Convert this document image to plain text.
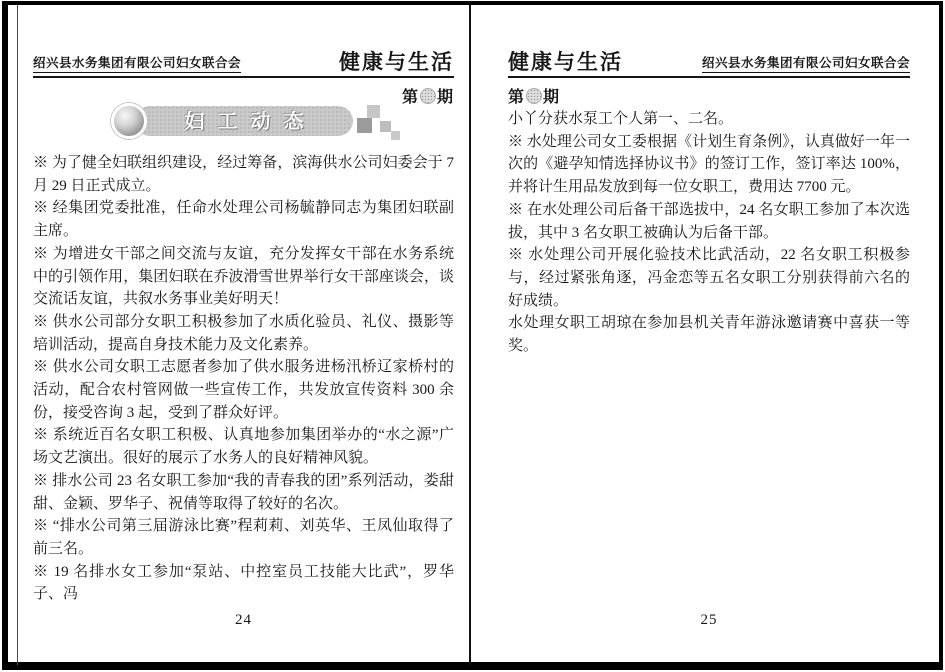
绍兴县水务集团有限公司妇女联合会	健康与生活
第 期
妇工动态

※ 为了健全妇联组织建设，经过筹备，滨海供水公司妇委会于 7 月 29 日正式成立。

※ 经集团党委批准，任命水处理公司杨毓静同志为集团妇联副主席。

※ 为增进女干部之间交流与友谊，充分发挥女干部在水务系统中的引领作用，集团妇联在乔波滑雪世界举行女干部座谈会，谈交流话友谊，共叙水务事业美好明天！

※ 供水公司部分女职工积极参加了水质化验员、礼仪、摄影等培训活动，提高自身技术能力及文化素养。

※ 供水公司女职工志愿者参加了供水服务进杨汛桥辽家桥村的活动，配合农村管网做一些宣传工作，共发放宣传资料 300 余份，接受咨询 3 起，受到了群众好评。

※ 系统近百名女职工积极、认真地参加集团举办的“水之源”广场文艺演出。很好的展示了水务人的良好精神风貌。

※ 排水公司 23 名女职工参加“我的青春我的团”系列活动，娄甜甜、金颖、罗华子、祝倩等取得了较好的名次。

※ “排水公司第三届游泳比赛”程莉莉、刘英华、王凤仙取得了前三名。

※ 19 名排水女工参加“泵站、中控室员工技能大比武”，罗华子、冯

24
健康与生活	绍兴县水务集团有限公司妇女联合会
第 期

小丫分获水泵工个人第一、二名。

※ 水处理公司女工委根据《计划生育条例》，认真做好一年一次的《避孕知情选择协议书》的签订工作，签订率达 100%，并将计生用品发放到每一位女职工，费用达 7700 元。

※ 在水处理公司后备干部选拔中，24 名女职工参加了本次选拔，其中 3 名女职工被确认为后备干部。

※ 水处理公司开展化验技术比武活动，22 名女职工积极参与，经过紧张角逐，冯金恋等五名女职工分别获得前六名的好成绩。

水处理女职工胡琼在参加县机关青年游泳邀请赛中喜获一等奖。

25
